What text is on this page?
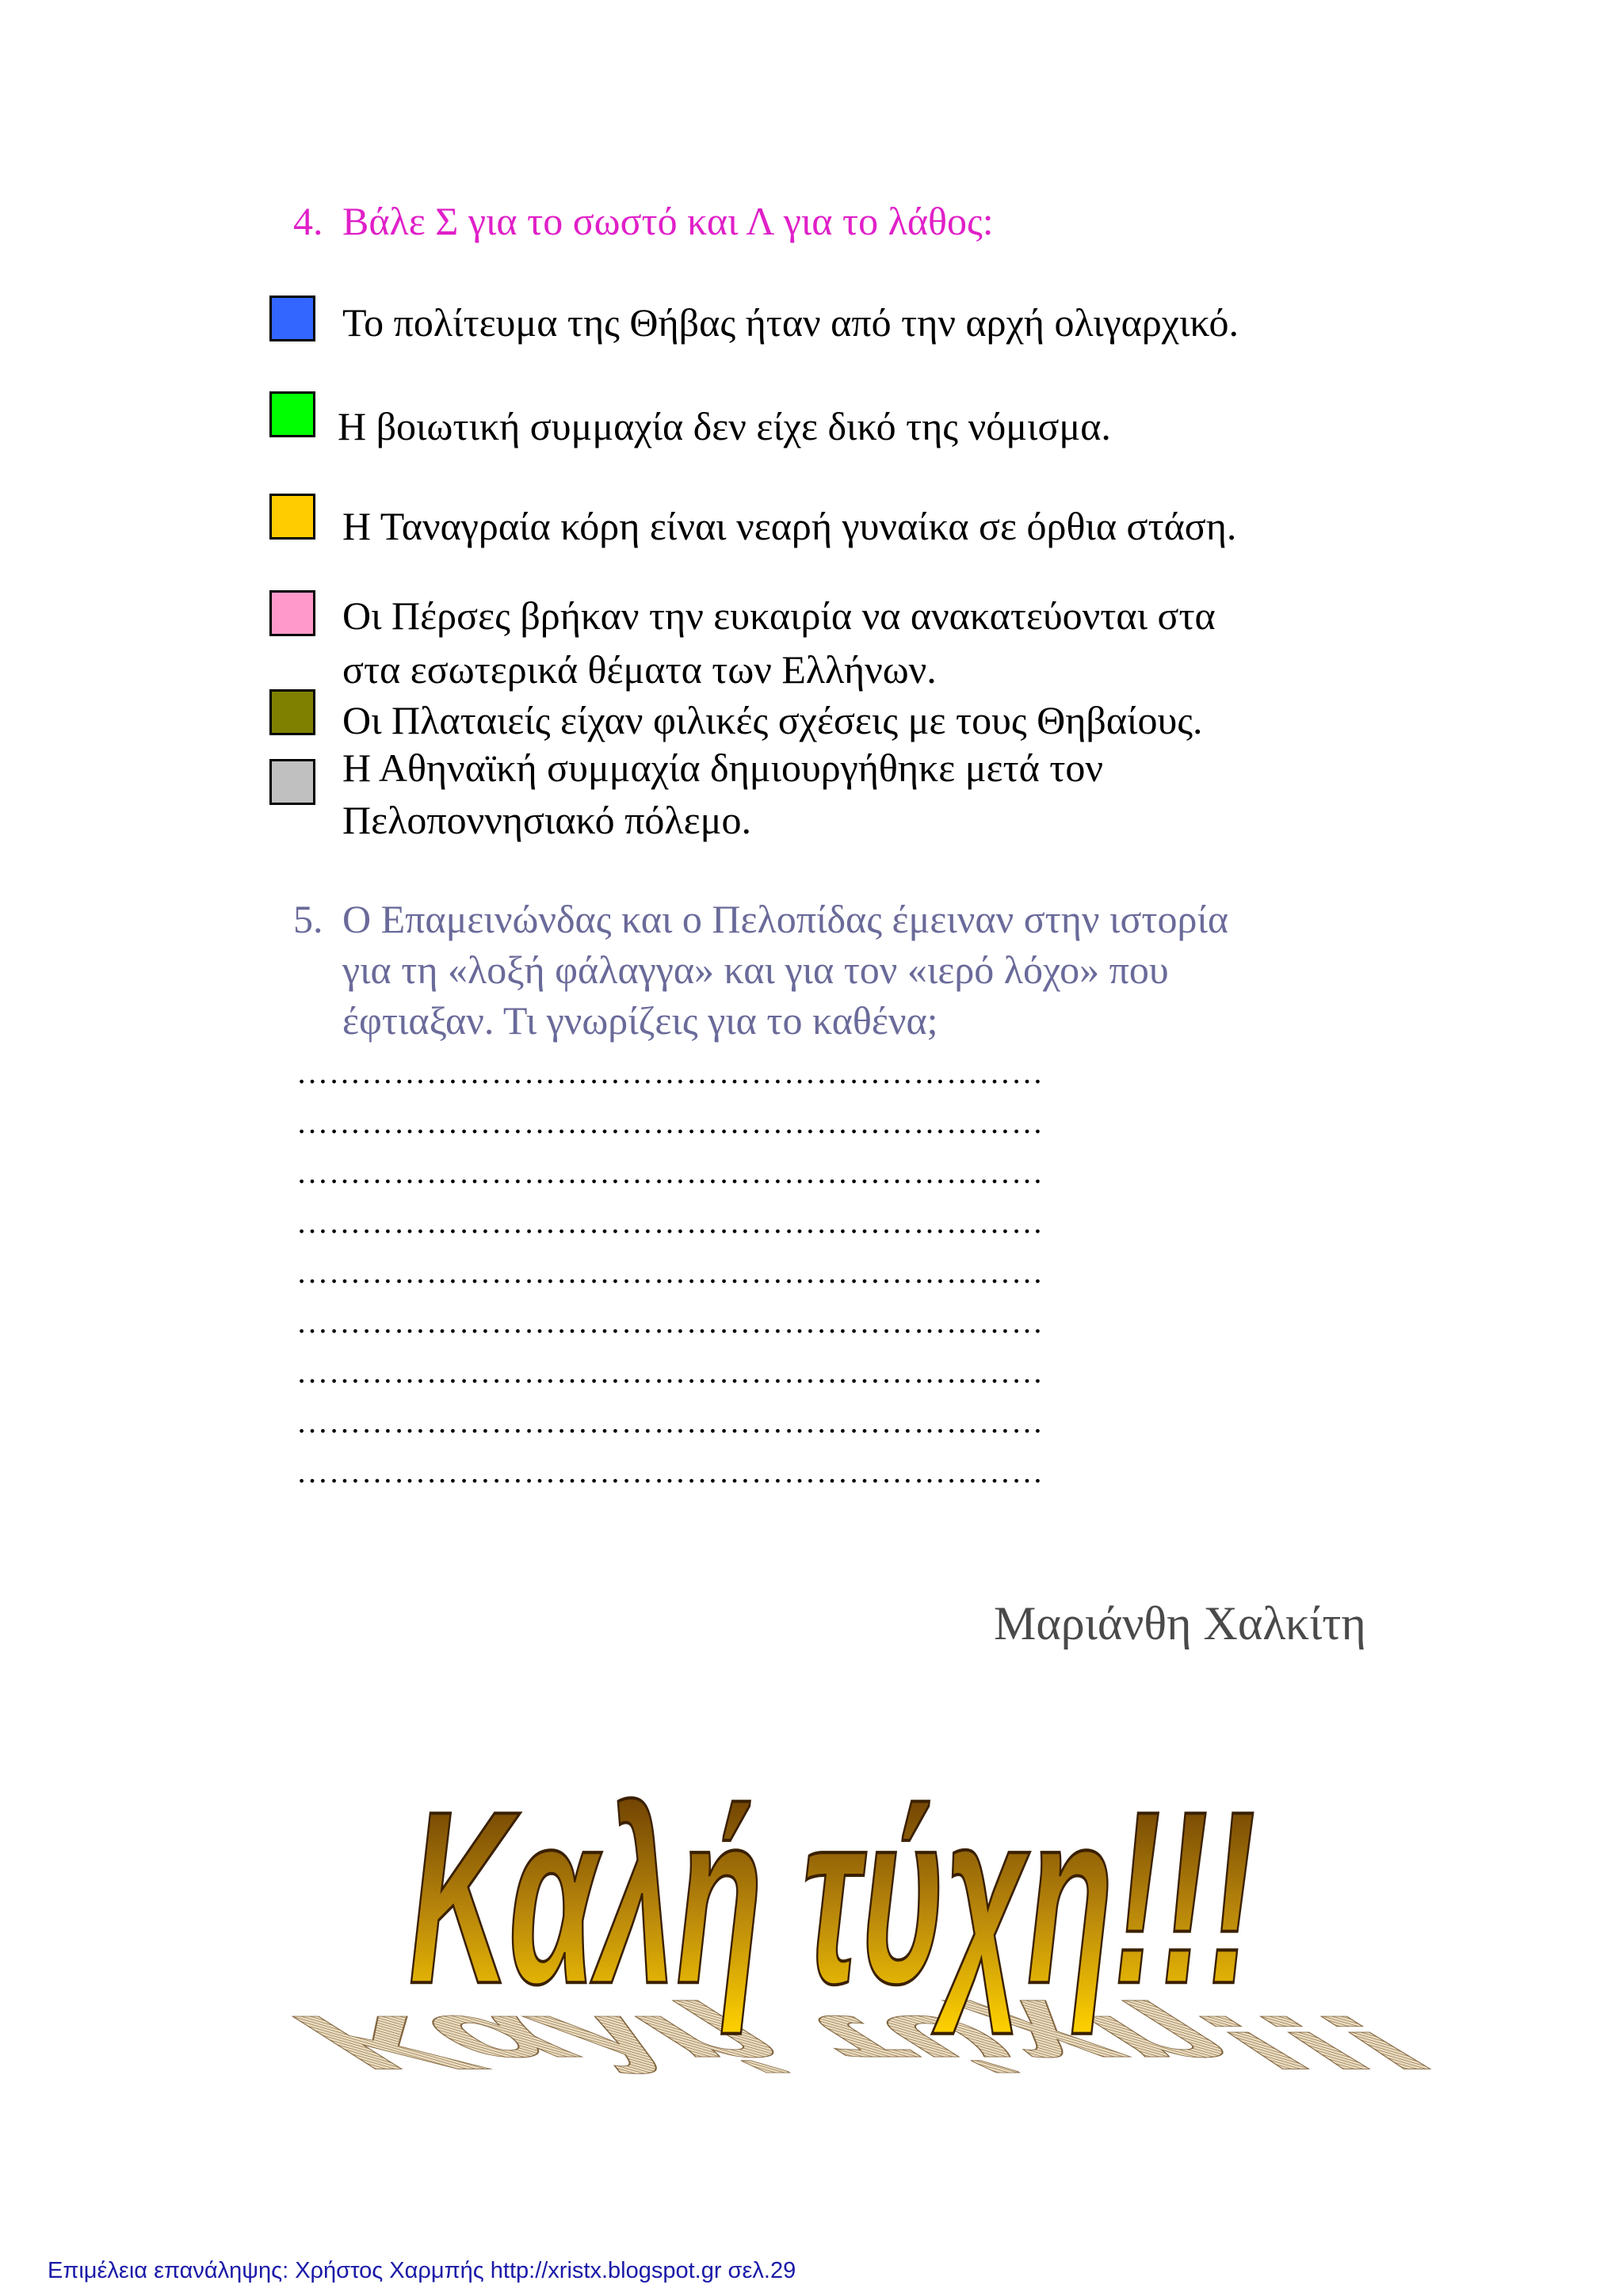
4. Βάλε Σ για το σωστό και Λ για το λάθος:
Το πολίτευμα της Θήβας ήταν από την αρχή ολιγαρχικό.
Η βοιωτική συμμαχία δεν είχε δικό της νόμισμα.
Η Ταναγραία κόρη είναι νεαρή γυναίκα σε όρθια στάση.
Οι Πέρσες βρήκαν την ευκαιρία να ανακατεύονται στα
στα εσωτερικά θέματα των Ελλήνων.
Οι Πλαταιείς είχαν φιλικές σχέσεις με τους Θηβαίους.
Η Αθηναϊκή συμμαχία δημιουργήθηκε μετά τον
Πελοποννησιακό πόλεμο.
5. Ο Επαμεινώνδας και ο Πελοπίδας έμειναν στην ιστορία
για τη «λοξή φάλαγγα» και για τον «ιερό λόχο» που
έφτιαξαν. Τι γνωρίζεις για το καθένα;
……………………………………………………………
……………………………………………………………
……………………………………………………………
……………………………………………………………
……………………………………………………………
……………………………………………………………
……………………………………………………………
……………………………………………………………
……………………………………………………………
Μαριάνθη Χαλκίτη
Καλή τύχη!!!
Καλή τύχη!!!
Επιμέλεια επανάληψης: Χρήστος Χαρμπής http://xristx.blogspot.gr σελ.29
